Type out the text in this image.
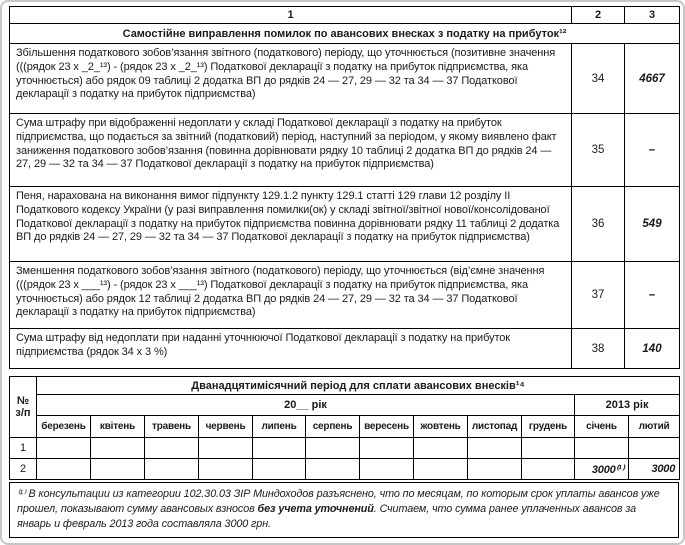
1	2	3
Самостійне виправлення помилок по авансових внесках з податку на прибуток¹²		
Збільшення податкового зобов’язання звітного (податкового) періоду, що уточнюється (позитивне значення (((рядок 23 х _2_¹³) - (рядок 23 х _2_¹³) Податкової декларації з податку на прибуток підприємства, яка уточнюється) або рядок 09 таблиці 2 додатка ВП до рядків 24 — 27, 29 — 32 та 34 — 37 Податкової декларації з податку на прибуток підприємства)	34	4667
Сума штрафу при відображенні недоплати у складі Податкової декларації з податку на прибуток підприємства, що подається за звітний (податковий) період, наступний за періодом, у якому виявлено факт заниження податкового зобов’язання (повинна дорівнювати рядку 10 таблиці 2 додатка ВП до рядків 24 — 27, 29 — 32 та 34 — 37 Податкової декларації з податку на прибуток підприємства)	35	–
Пеня, нарахована на виконання вимог підпункту 129.1.2 пункту 129.1 статті 129 глави 12 розділу II Податкового кодексу України (у разі виправлення помилки(ок) у складі звітної/звітної нової/консолідованої Податкової декларації з податку на прибуток підприємства повинна дорівнювати рядку 11 таблиці 2 додатка ВП до рядків 24 — 27, 29 — 32 та 34 — 37 Податкової декларації з податку на прибуток підприємства)	36	549
Зменшення податкового зобов’язання звітного (податкового) періоду, що уточнюється (від’ємне значення (((рядок 23 х ___¹³) - (рядок 23 х ___¹³) Податкової декларації з податку на прибуток підприємства, яка уточнюється) або рядок 12 таблиці 2 додатка ВП до рядків 24 — 27, 29 — 32 та 34 — 37 Податкової декларації з податку на прибуток підприємства)	37	–
Сума штрафу від недоплати при наданні уточнюючої Податкової декларації з податку на прибуток підприємства (рядок 34 х 3 %)	38	140
№
з/п	Дванадцятимісячний період для сплати авансових внесків¹⁴											
	20__ рік										2013 рік	
	березень	квітень	травень	червень	липень	серпень	вересень	жовтень	листопад	грудень	січень	лютий
1												
2											3000⁽¹⁾	3000
⁽¹⁾ В консультации из категории 102.30.03 ЗІР Миндоходов разъяснено, что по месяцам, по которым срок уплаты авансов уже прошел, показывают сумму авансовых взносов без учета уточнений. Считаем, что сумма ранее уплаченных авансов за январь и февраль 2013 года составляла 3000 грн.
